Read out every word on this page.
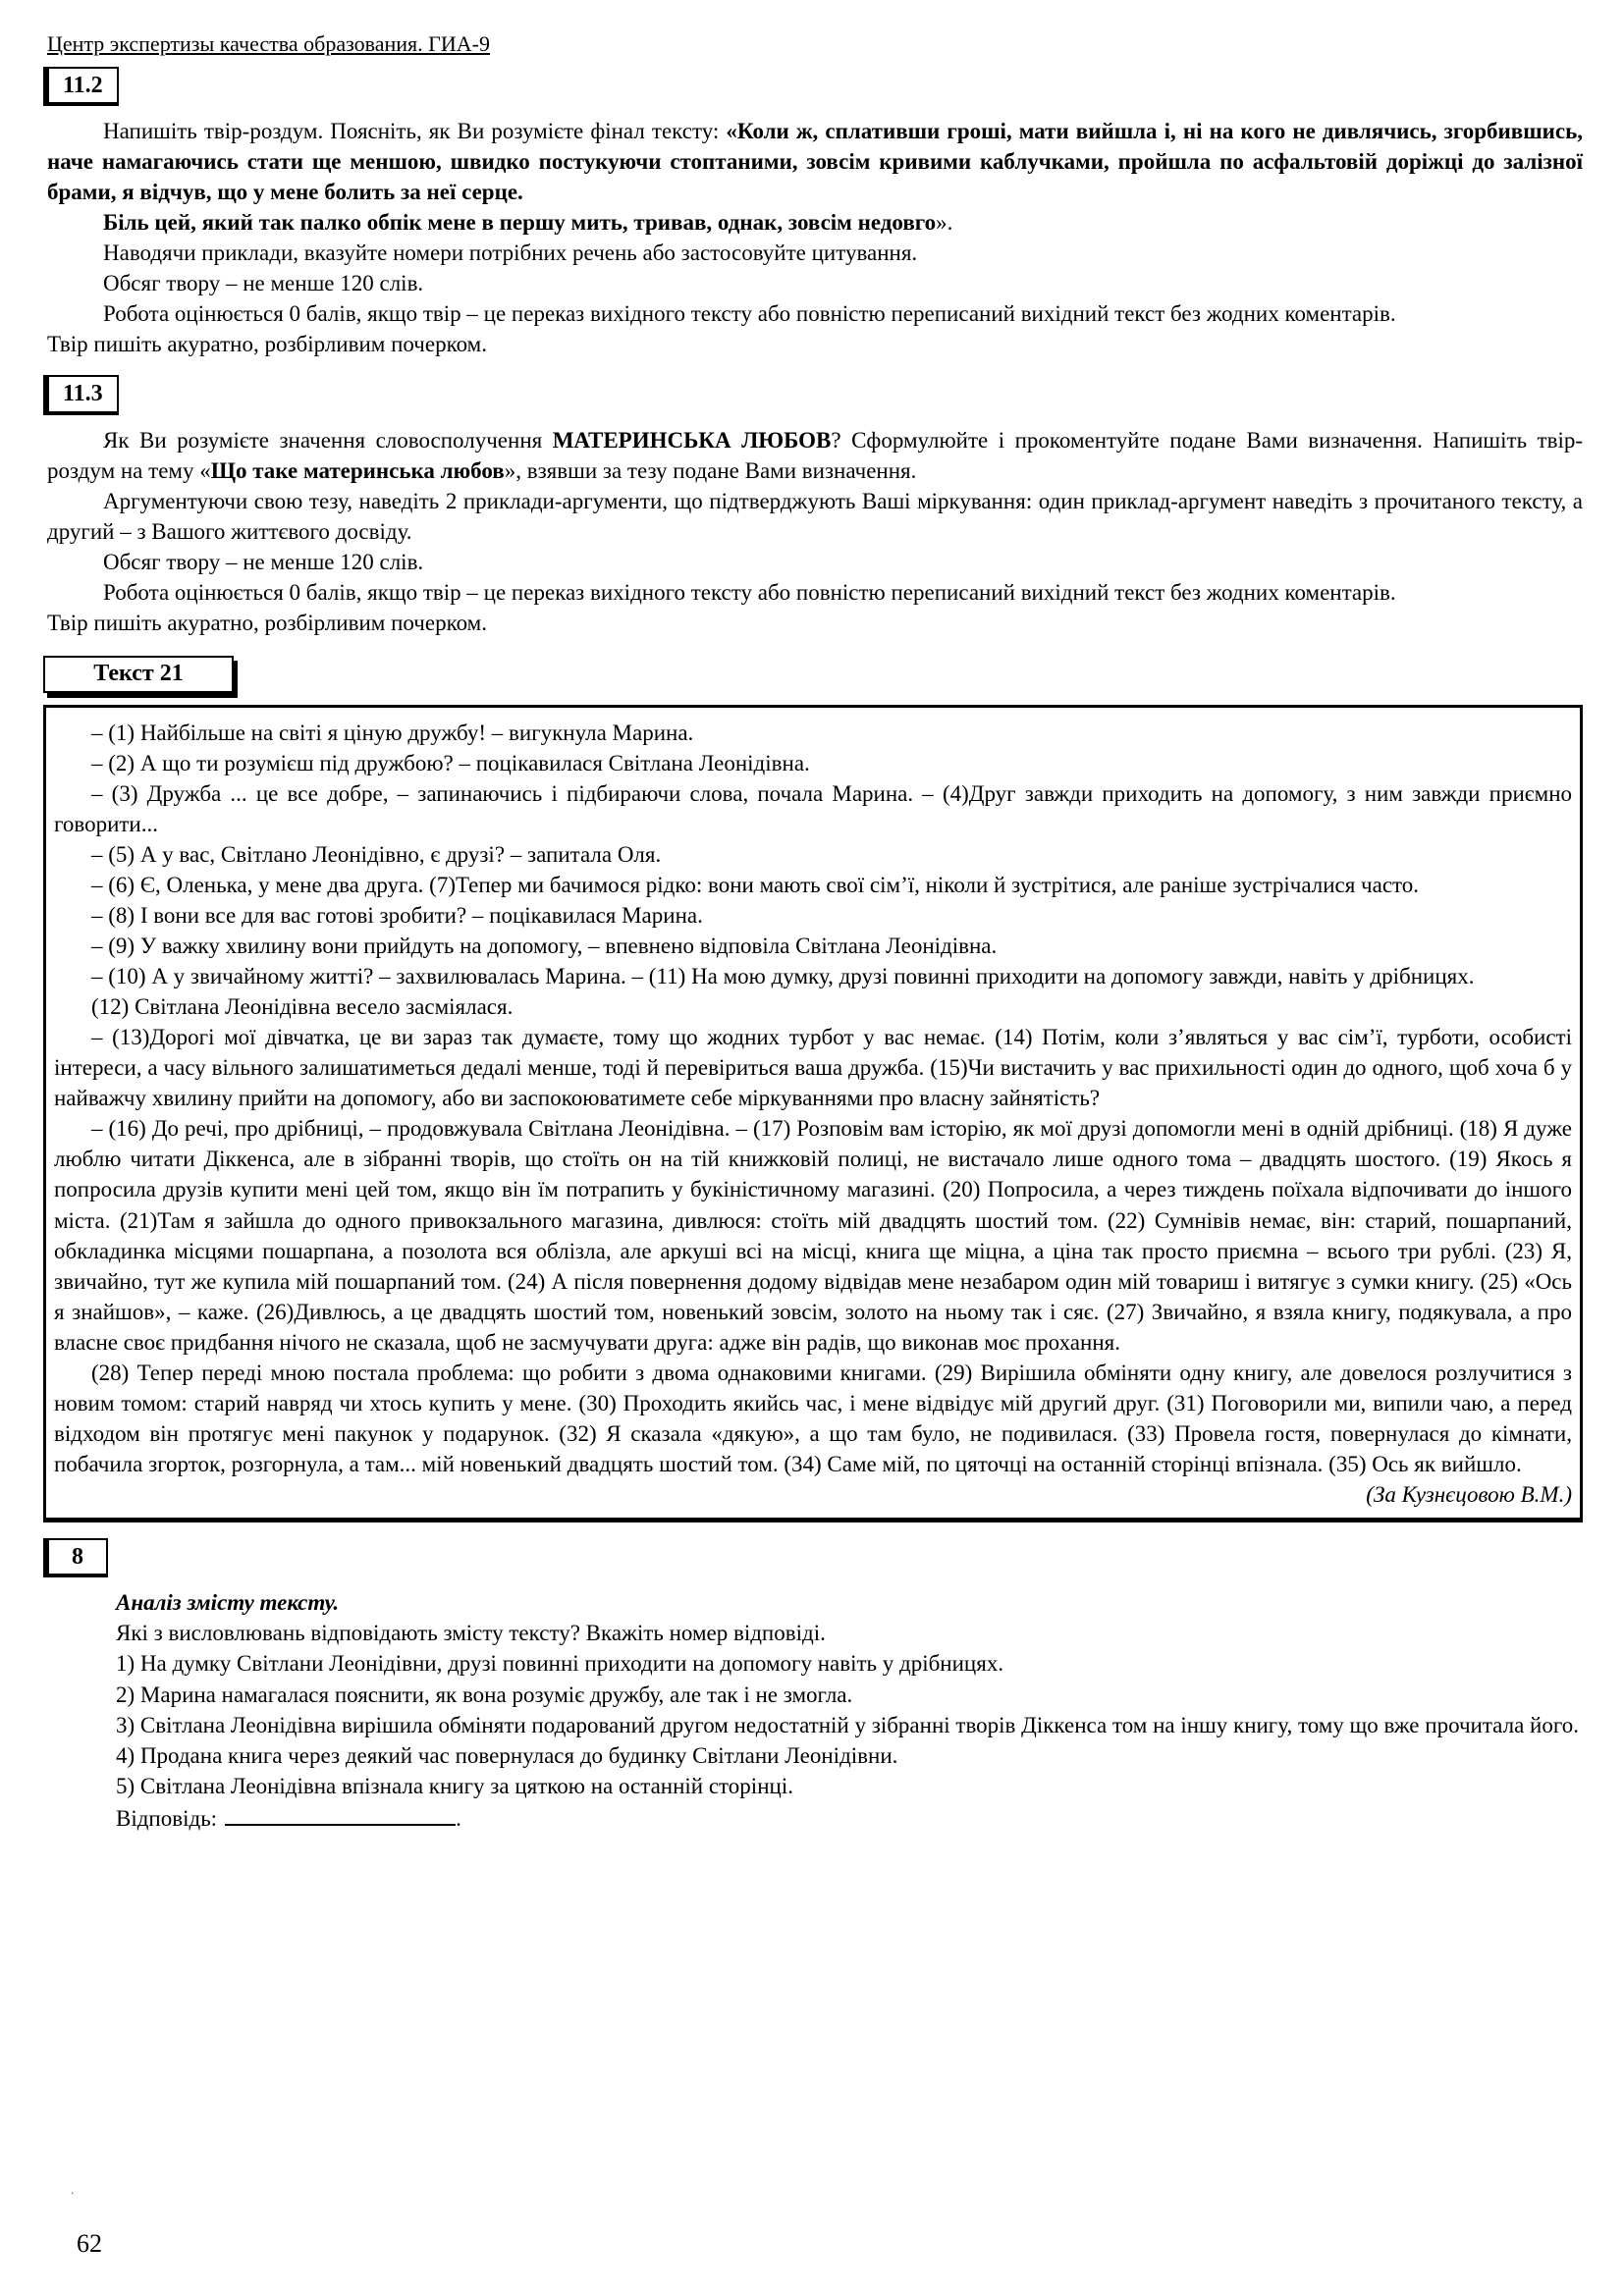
Центр экспертизы качества образования. ГИА-9
11.2

Напишіть твір-роздум. Поясніть, як Ви розумієте фінал тексту: «Коли ж, сплативши гроші, мати вийшла і, ні на кого не дивлячись, згорбившись, наче намагаючись стати ще меншою, швидко постукуючи стоптаними, зовсім кривими каблучками, пройшла по асфальтовій доріжці до залізної брами, я відчув, що у мене болить за неї серце.

Біль цей, який так палко обпік мене в першу мить, тривав, однак, зовсім недовго».

Наводячи приклади, вказуйте номери потрібних речень або застосовуйте цитування.

Обсяг твору – не менше 120 слів.

Робота оцінюється 0 балів, якщо твір – це переказ вихідного тексту або повністю переписаний вихідний текст без жодних коментарів.

Твір пишіть акуратно, розбірливим почерком.

11.3

Як Ви розумієте значення словосполучення МАТЕРИНСЬКА ЛЮБОВ? Сформулюйте і прокоментуйте подане Вами визначення. Напишіть твір-роздум на тему «Що таке материнська любов», взявши за тезу подане Вами визначення.

Аргументуючи свою тезу, наведіть 2 приклади-аргументи, що підтверджують Ваші міркування: один приклад-аргумент наведіть з прочитаного тексту, а другий – з Вашого життєвого досвіду.

Обсяг твору – не менше 120 слів.

Робота оцінюється 0 балів, якщо твір – це переказ вихідного тексту або повністю переписаний вихідний текст без жодних коментарів.

Твір пишіть акуратно, розбірливим почерком.

Текст 21

– (1) Найбільше на світі я ціную дружбу! – вигукнула Марина.

– (2) А що ти розумієш під дружбою? – поцікавилася Світлана Леонідівна.

– (3) Дружба ... це все добре, – запинаючись і підбираючи слова, почала Марина. – (4)Друг завжди приходить на допомогу, з ним завжди приємно говорити...

– (5) А у вас, Світлано Леонідівно, є друзі? – запитала Оля.

– (6) Є, Оленька, у мене два друга. (7)Тепер ми бачимося рідко: вони мають свої сім’ї, ніколи й зустрітися, але раніше зустрічалися часто.

– (8) І вони все для вас готові зробити? – поцікавилася Марина.

– (9) У важку хвилину вони прийдуть на допомогу, – впевнено відповіла Світлана Леонідівна.

– (10) А у звичайному житті? – захвилювалась Марина. – (11) На мою думку, друзі повинні приходити на допомогу завжди, навіть у дрібницях.

(12) Світлана Леонідівна весело засміялася.

– (13)Дорогі мої дівчатка, це ви зараз так думаєте, тому що жодних турбот у вас немає. (14) Потім, коли з’являться у вас сім’ї, турботи, особисті інтереси, а часу вільного залишатиметься дедалі менше, тоді й перевіриться ваша дружба. (15)Чи вистачить у вас прихильності один до одного, щоб хоча б у найважчу хвилину прийти на допомогу, або ви заспокоюватимете себе міркуваннями про власну зайнятість?

– (16) До речі, про дрібниці, – продовжувала Світлана Леонідівна. – (17) Розповім вам історію, як мої друзі допомогли мені в одній дрібниці. (18) Я дуже люблю читати Діккенса, але в зібранні творів, що стоїть он на тій книжковій полиці, не вистачало лише одного тома – двадцять шостого. (19) Якось я попросила друзів купити мені цей том, якщо він їм потрапить у букіністичному магазині. (20) Попросила, а через тиждень поїхала відпочивати до іншого міста. (21)Там я зайшла до одного привокзального магазина, дивлюся: стоїть мій двадцять шостий том. (22) Сумнівів немає, він: старий, пошарпаний, обкладинка місцями пошарпана, а позолота вся облізла, але аркуші всі на місці, книга ще міцна, а ціна так просто приємна – всього три рублі. (23) Я, звичайно, тут же купила мій пошарпаний том. (24) А після повернення додому відвідав мене незабаром один мій товариш і витягує з сумки книгу. (25) «Ось я знайшов», – каже. (26)Дивлюсь, а це двадцять шостий том, новенький зовсім, золото на ньому так і сяє. (27) Звичайно, я взяла книгу, подякувала, а про власне своє придбання нічого не сказала, щоб не засмучувати друга: адже він радів, що виконав моє прохання.

(28) Тепер переді мною постала проблема: що робити з двома однаковими книгами. (29) Вирішила обміняти одну книгу, але довелося розлучитися з новим томом: старий навряд чи хтось купить у мене. (30) Проходить якийсь час, і мене відвідує мій другий друг. (31) Поговорили ми, випили чаю, а перед відходом він протягує мені пакунок у подарунок. (32) Я сказала «дякую», а що там було, не подивилася. (33) Провела гостя, повернулася до кімнати, побачила згорток, розгорнула, а там... мій новенький двадцять шостий том. (34) Саме мій, по цяточці на останній сторінці впізнала. (35) Ось як вийшло.

(За Кузнєцовою В.М.)

8

Аналіз змісту тексту.

Які з висловлювань відповідають змісту тексту? Вкажіть номер відповіді.

1) На думку Світлани Леонідівни, друзі повинні приходити на допомогу навіть у дрібницях.

2) Марина намагалася пояснити, як вона розуміє дружбу, але так і не змогла.

3) Світлана Леонідівна вирішила обміняти подарований другом недостатній у зібранні творів Діккенса том на іншу книгу, тому що вже прочитала його.

4) Продана книга через деякий час повернулася до будинку Світлани Леонідівни.

5) Світлана Леонідівна впізнала книгу за цяткою на останній сторінці.

Відповідь:	.

.
62
